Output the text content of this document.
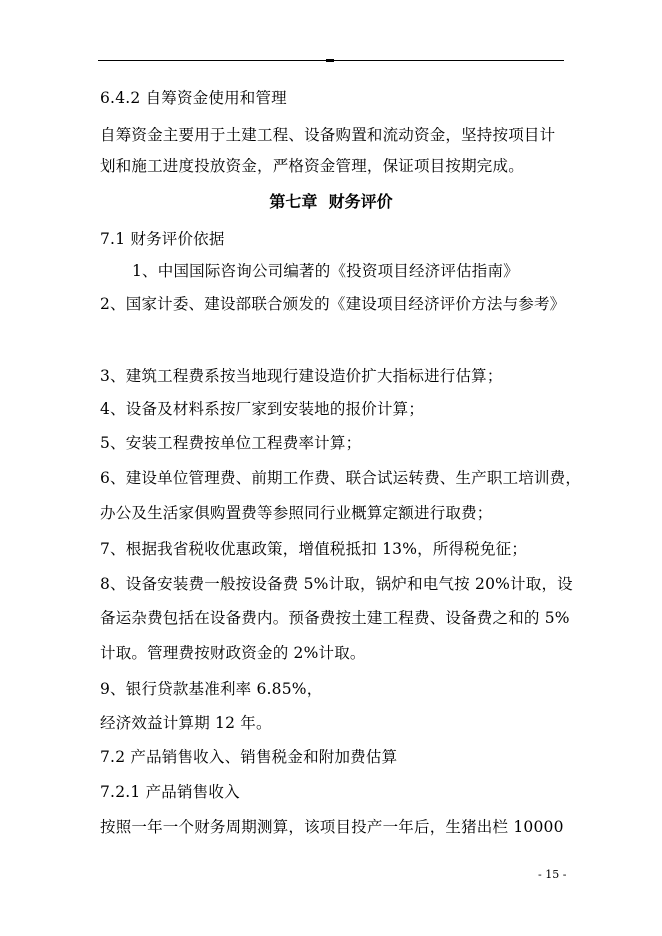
6.4.2 自筹资金使用和管理
自筹资金主要用于土建工程、设备购置和流动资金，坚持按项目计
划和施工进度投放资金，严格资金管理，保证项目按期完成。
第七章  财务评价
7.1 财务评价依据
1、中国国际咨询公司编著的《投资项目经济评估指南》
2、国家计委、建设部联合颁发的《建设项目经济评价方法与参考》
3、建筑工程费系按当地现行建设造价扩大指标进行估算；
4、设备及材料系按厂家到安装地的报价计算；
5、安装工程费按单位工程费率计算；
6、建设单位管理费、前期工作费、联合试运转费、生产职工培训费，
办公及生活家俱购置费等参照同行业概算定额进行取费；
7、根据我省税收优惠政策，增值税抵扣 13%，所得税免征；
8、设备安装费一般按设备费 5%计取，锅炉和电气按 20%计取，设
备运杂费包括在设备费内。预备费按土建工程费、设备费之和的 5%
计取。管理费按财政资金的 2%计取。
9、银行贷款基准利率 6.85%，
经济效益计算期 12 年。
7.2 产品销售收入、销售税金和附加费估算
7.2.1 产品销售收入
按照一年一个财务周期测算，该项目投产一年后，生猪出栏 10000
- 15 -
